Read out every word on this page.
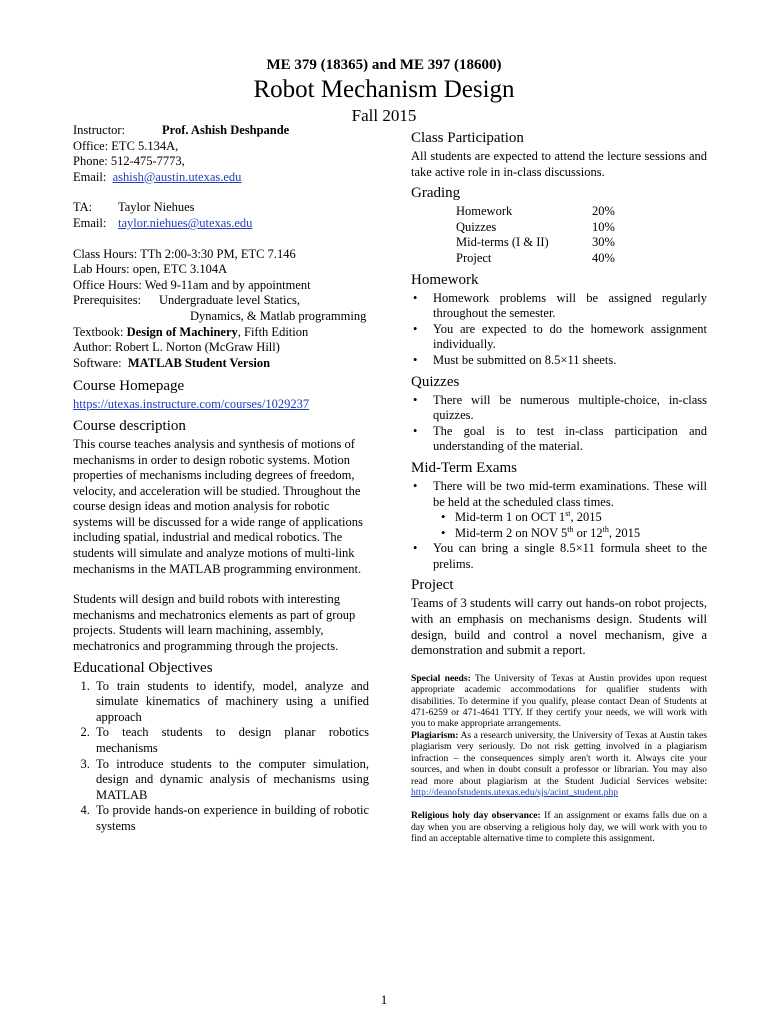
ME 379 (18365) and ME 397 (18600)
Robot Mechanism Design
Fall 2015
Instructor:	Prof. Ashish Deshpande
Office: ETC 5.134A,
Phone: 512-475-7773,
Email: ashish@austin.utexas.edu
TA:	Taylor Niehues
Email: taylor.niehues@utexas.edu
Class Hours: TTh 2:00-3:30 PM, ETC 7.146
Lab Hours: open, ETC 3.104A
Office Hours: Wed 9-11am and by appointment
Prerequisites:	Undergraduate level Statics,
Dynamics, & Matlab programming
Textbook: Design of Machinery , Fifth Edition
Author: Robert L. Norton (McGraw Hill)
Software: MATLAB Student Version
Course Homepage
https://utexas.instructure.com/courses/1029237
Course description
This course teaches analysis and synthesis of motions of mechanisms in order to design robotic systems. Motion properties of mechanisms including degrees of freedom, velocity, and acceleration will be studied. Throughout the course design ideas and motion analysis for robotic systems will be discussed for a wide range of applications including spatial, industrial and medical robotics. The students will simulate and analyze motions of multi-link mechanisms in the MATLAB programming environment.
Students will design and build robots with interesting mechanisms and mechatronics elements as part of group projects. Students will learn machining, assembly, mechatronics and programming through the projects.
Educational Objectives
1. To train students to identify, model, analyze and simulate kinematics of machinery using a unified approach
2. To teach students to design planar robotics mechanisms
3. To introduce students to the computer simulation, design and dynamic analysis of mechanisms using MATLAB
4. To provide hands-on experience in building of robotic systems
Class Participation
All students are expected to attend the lecture sessions and take active role in in-class discussions.
Grading
Homework	20%
Quizzes	10%
Mid-terms (I & II)	30%
Project	40%
Homework
• Homework problems will be assigned regularly throughout the semester.
• You are expected to do the homework assignment individually.
• Must be submitted on 8.5×11 sheets.
Quizzes
• There will be numerous multiple-choice, in-class quizzes.
• The goal is to test in-class participation and understanding of the material.
Mid-Term Exams
• There will be two mid-term examinations. These will be held at the scheduled class times.
• Mid-term 1 on OCT 1st, 2015
• Mid-term 2 on NOV 5th or 12th, 2015
• You can bring a single 8.5×11 formula sheet to the prelims.
Project
Teams of 3 students will carry out hands-on robot projects, with an emphasis on mechanisms design. Students will design, build and control a novel mechanism, give a demonstration and submit a report.
Special needs: The University of Texas at Austin provides upon request appropriate academic accommodations for qualifier students with disabilities. To determine if you qualify, please contact Dean of Students at 471-6259 or 471-4641 TTY. If they certify your needs, we will work with you to make appropriate arrangements.
Plagiarism: As a research university, the University of Texas at Austin takes plagiarism very seriously. Do not risk getting involved in a plagiarism infraction – the consequences simply aren't worth it. Always cite your sources, and when in doubt consult a professor or librarian. You may also read more about plagiarism at the Student Judicial Services website: http://deanofstudents.utexas.edu/sjs/acint_student.php
Religious holy day observance: If an assignment or exams falls due on a day when you are observing a religious holy day, we will work with you to find an acceptable alternative time to complete this assignment.
1
